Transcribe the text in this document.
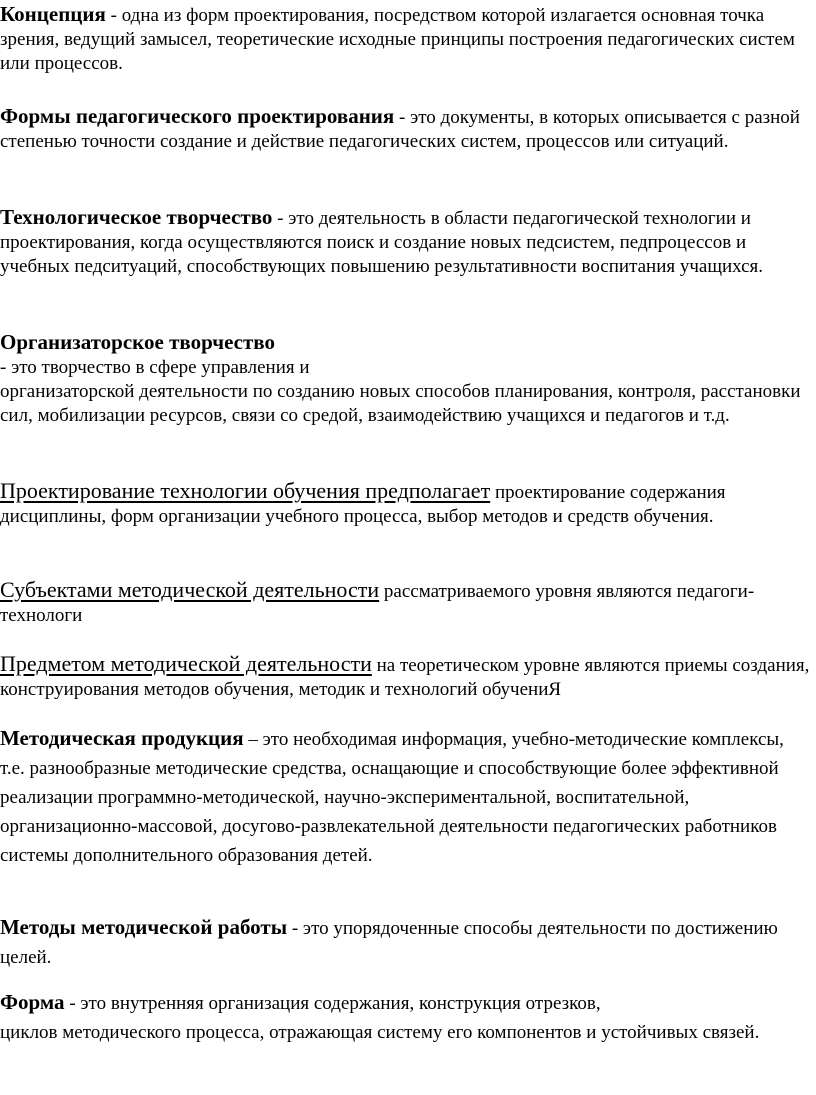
Концепция - одна из форм проектирования, посредством которой излагается основная точка зрения, ведущий замысел, теоретические исходные принципы построения педагогических систем или процессов.

Формы педагогического проектирования - это документы, в которых описывается с разной степенью точности создание и действие педагогических систем, процессов или ситуаций.

Технологическое творчество - это деятельность в области педагогической технологии и проектирования, когда осуществляются поиск и создание новых педсистем, педпроцессов и учебных педситуаций, способствующих повышению результативности воспитания учащихся.

Организаторское творчество
- это творчество в сфере управления и
организаторской деятельности по созданию новых способов планирования, контроля, расстановки сил, мобилизации ресурсов, связи со средой, взаимодействию учащихся и педагогов и т.д.

Проектирование технологии обучения предполагает проектирование содержания дисциплины, форм организации учебного процесса, выбор методов и средств обучения.

Субъектами методической деятельности рассматриваемого уровня являются педагоги-технологи

Предметом методической деятельности на теоретическом уровне являются приемы создания, конструирования методов обучения, методик и технологий обучениЯ

Методическая продукция – это необходимая информация, учебно-методические комплексы, т.е. разнообразные методические средства, оснащающие и способствующие более эффективной реализации программно-методической, научно-экспериментальной, воспитательной, организационно-массовой, досугово-развлекательной деятельности педагогических работников системы дополнительного образования детей.

Методы методической работы - это упорядоченные способы деятельности по достижению целей.

Форма - это внутренняя организация содержания, конструкция отрезков,
циклов методического процесса, отражающая систему его компонентов и устойчивых связей.
